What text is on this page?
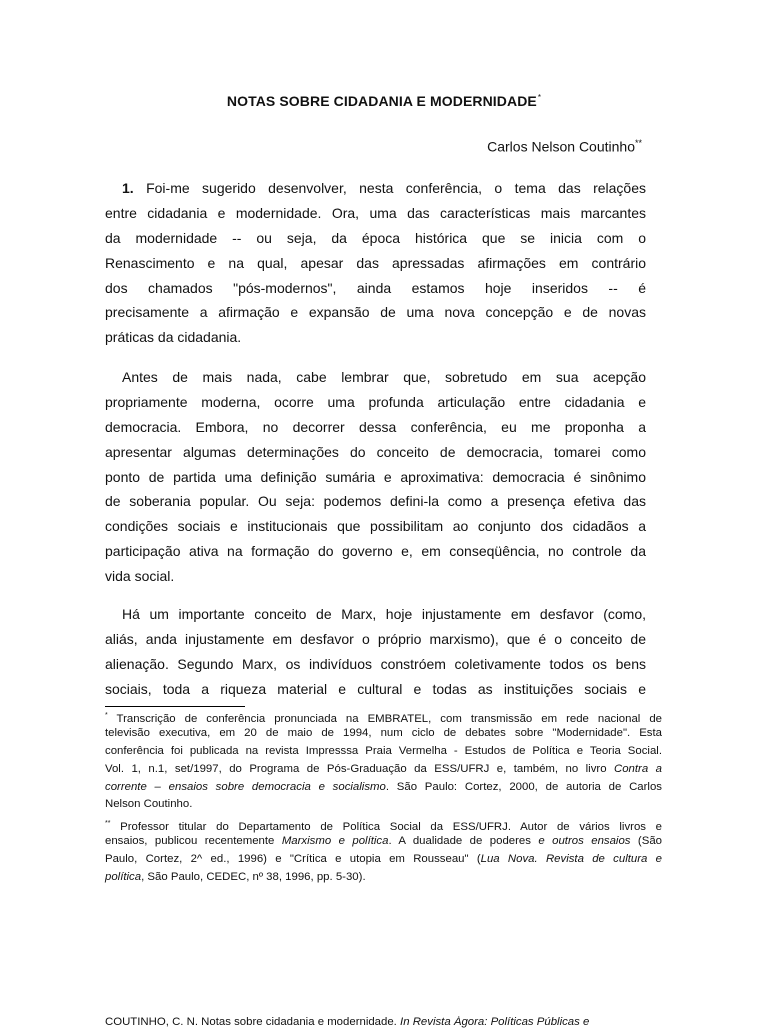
NOTAS SOBRE CIDADANIA E MODERNIDADE*
Carlos Nelson Coutinho**
1. Foi-me sugerido desenvolver, nesta conferência, o tema das relações
entre cidadania e modernidade. Ora, uma das características mais marcantes
da modernidade -- ou seja, da época histórica que se inicia com o
Renascimento e na qual, apesar das apressadas afirmações em contrário
dos chamados "pós-modernos", ainda estamos hoje inseridos -- é
precisamente a afirmação e expansão de uma nova concepção e de novas
práticas da cidadania.
Antes de mais nada, cabe lembrar que, sobretudo em sua acepção
propriamente moderna, ocorre uma profunda articulação entre cidadania e
democracia. Embora, no decorrer dessa conferência, eu me proponha a
apresentar algumas determinações do conceito de democracia, tomarei como
ponto de partida uma definição sumária e aproximativa: democracia é sinônimo
de soberania popular. Ou seja: podemos defini-la como a presença efetiva das
condições sociais e institucionais que possibilitam ao conjunto dos cidadãos a
participação ativa na formação do governo e, em conseqüência, no controle da
vida social.
Há um importante conceito de Marx, hoje injustamente em desfavor (como,
aliás, anda injustamente em desfavor o próprio marxismo), que é o conceito de
alienação. Segundo Marx, os indivíduos constróem coletivamente todos os bens
sociais, toda a riqueza material e cultural e todas as instituições sociais e
* Transcrição de conferência pronunciada na EMBRATEL, com transmissão em rede nacional de
televisão executiva, em 20 de maio de 1994, num ciclo de debates sobre "Modernidade". Esta
conferência foi publicada na revista Impresssa Praia Vermelha - Estudos de Política e Teoria Social.
Vol. 1, n.1, set/1997, do Programa de Pós-Graduação da ESS/UFRJ e, também, no livro Contra a
corrente – ensaios sobre democracia e socialismo. São Paulo: Cortez, 2000, de autoria de Carlos
Nelson Coutinho.
** Professor titular do Departamento de Política Social da ESS/UFRJ. Autor de vários livros e
ensaios, publicou recentemente Marxismo e política. A dualidade de poderes e outros ensaios (São
Paulo, Cortez, 2^ ed., 1996) e "Crítica e utopia em Rousseau" (Lua Nova. Revista de cultura e
política, São Paulo, CEDEC, nº 38, 1996, pp. 5-30).
COUTINHO, C. N. Notas sobre cidadania e modernidade. In Revista Ágora: Políticas Públicas e
